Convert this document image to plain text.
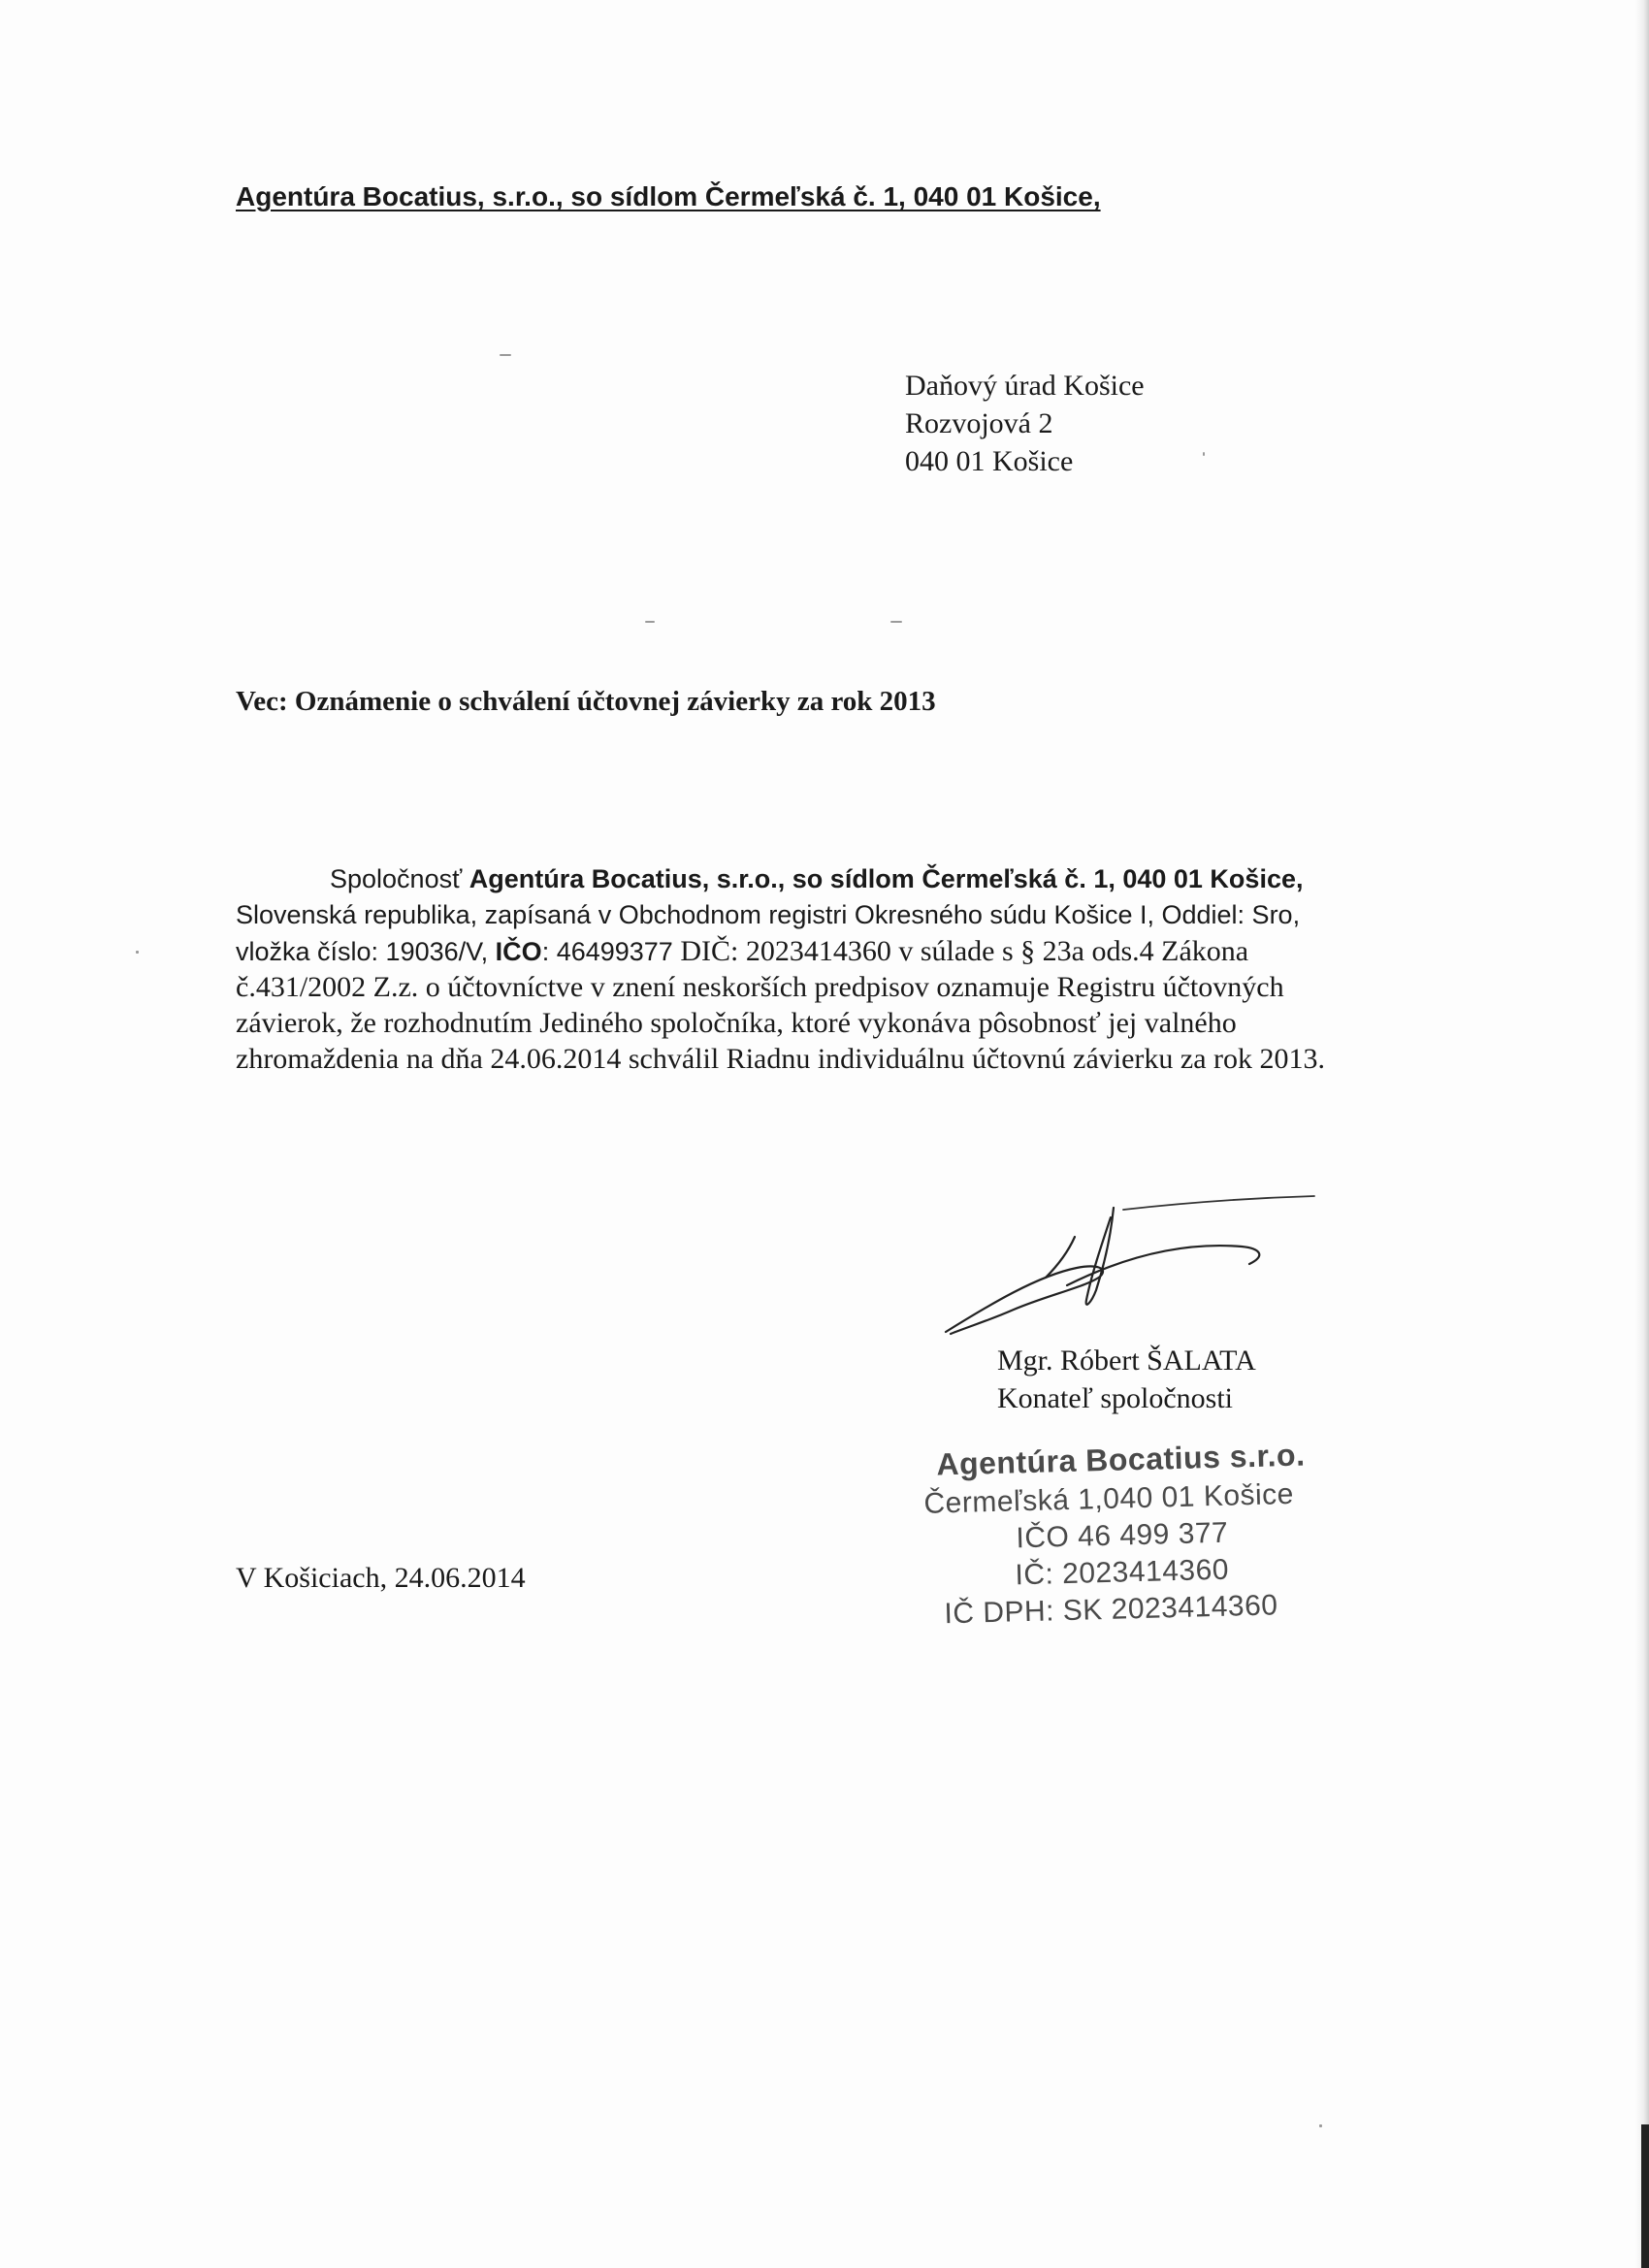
Agentúra Bocatius, s.r.o., so sídlom Čermeľská č. 1, 040 01 Košice,
Daňový úrad Košice
Rozvojová 2
040 01 Košice
Vec: Oznámenie o schválení účtovnej závierky za rok 2013
Spoločnosť Agentúra Bocatius, s.r.o., so sídlom Čermeľská č. 1, 040 01 Košice,
Slovenská republika, zapísaná v Obchodnom registri Okresného súdu Košice I, Oddiel: Sro,
vložka číslo: 19036/V, IČO: 46499377 DIČ: 2023414360 v súlade s § 23a ods.4 Zákona
č.431/2002 Z.z. o účtovníctve v znení neskorších predpisov oznamuje Registru účtovných
závierok, že rozhodnutím Jediného spoločníka, ktoré vykonáva pôsobnosť jej valného
zhromaždenia na dňa 24.06.2014 schválil Riadnu individuálnu účtovnú závierku za rok 2013.
Mgr. Róbert ŠALATA
Konateľ spoločnosti
Agentúra Bocatius s.r.o.
Čermeľská 1,040 01 Košice
IČO 46 499 377
IČ: 2023414360
IČ DPH: SK 2023414360
V Košiciach, 24.06.2014
